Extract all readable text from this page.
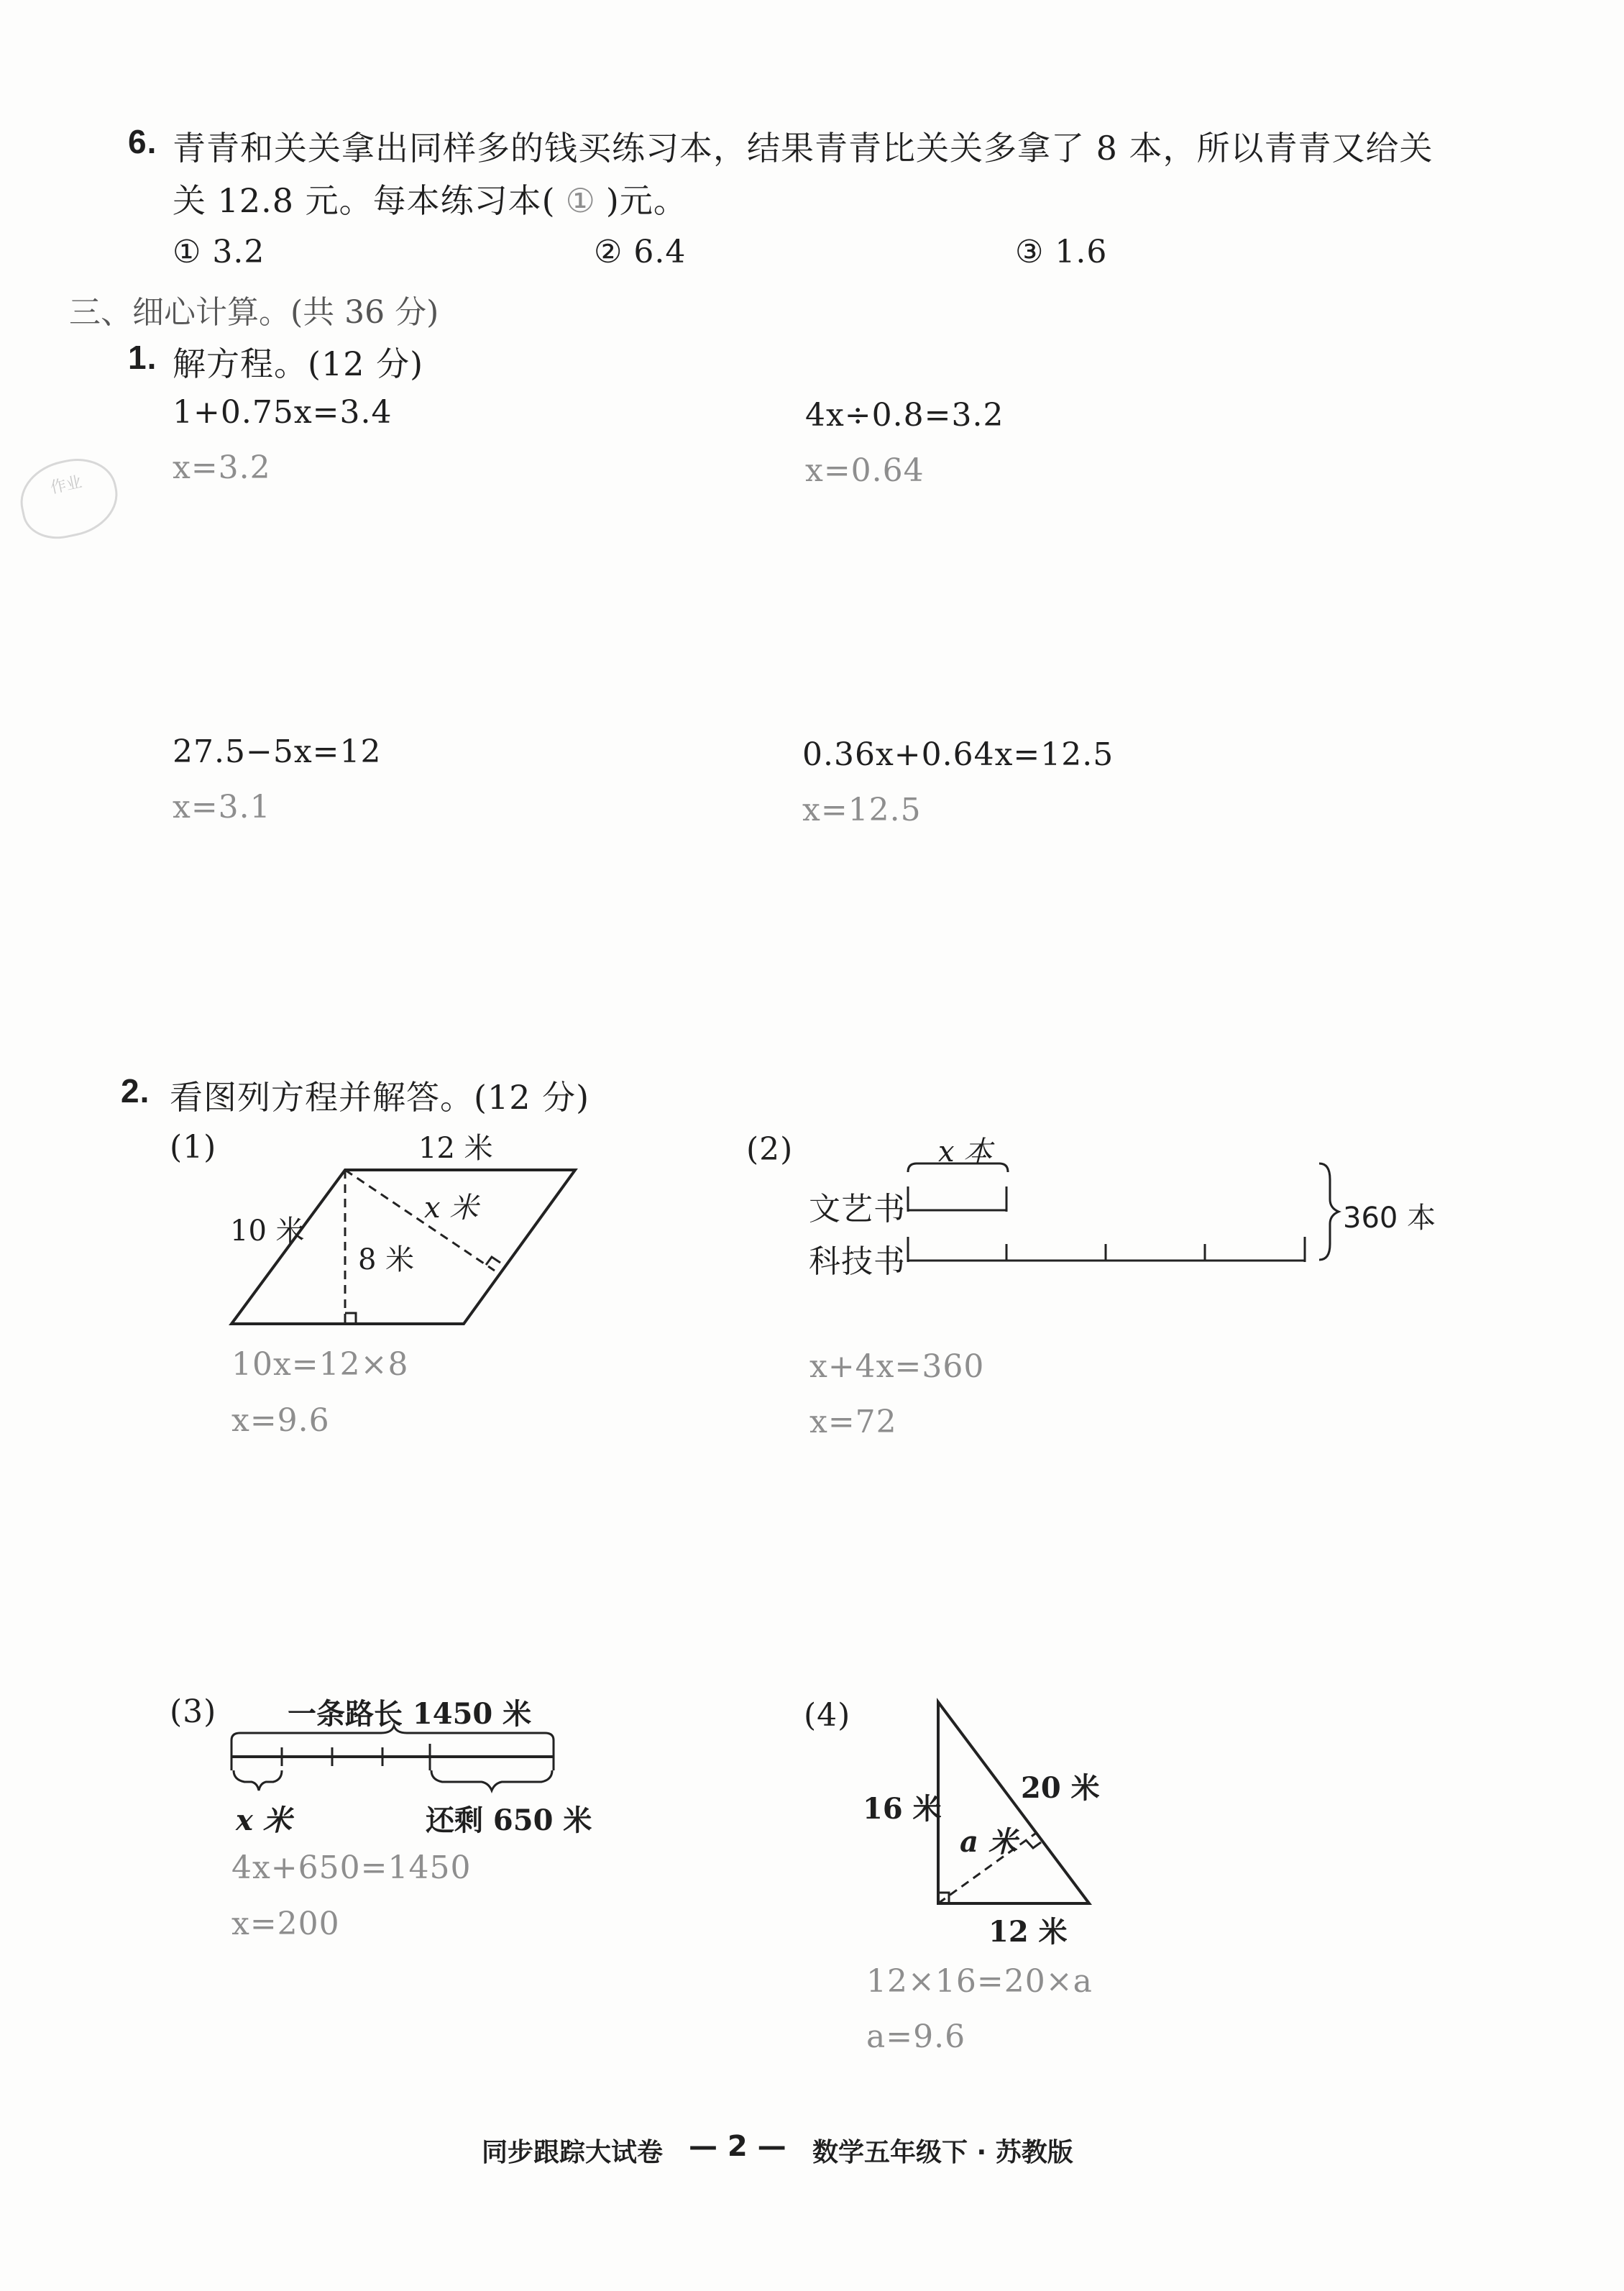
6. 青青和关关拿出同样多的钱买练习本，结果青青比关关多拿了 8 本，所以青青又给关
关 12.8 元。每本练习本( ① )元。
① 3.2	② 6.4	③ 1.6
三、细心计算。(共 36 分)
1. 解方程。(12 分)
1+0.75x=3.4
x=3.2
4x÷0.8=3.2
x=0.64
作业
27.5−5x=12
x=3.1
0.36x+0.64x=12.5
x=12.5
2. 看图列方程并解答。(12 分)
(1)	12 米
10 米
8 米
x 米
10x=12×8
x=9.6
(2)	x 本
文艺书
科技书
360 本
x+4x=360
x=72
(3) 一条路长 1450 米
x 米	还剩 650 米
4x+650=1450
x=200
(4)
16 米
20 米
a 米
12 米
12×16=20×a
a=9.6
同步跟踪大试卷 — 2 — 数学五年级下 · 苏教版
